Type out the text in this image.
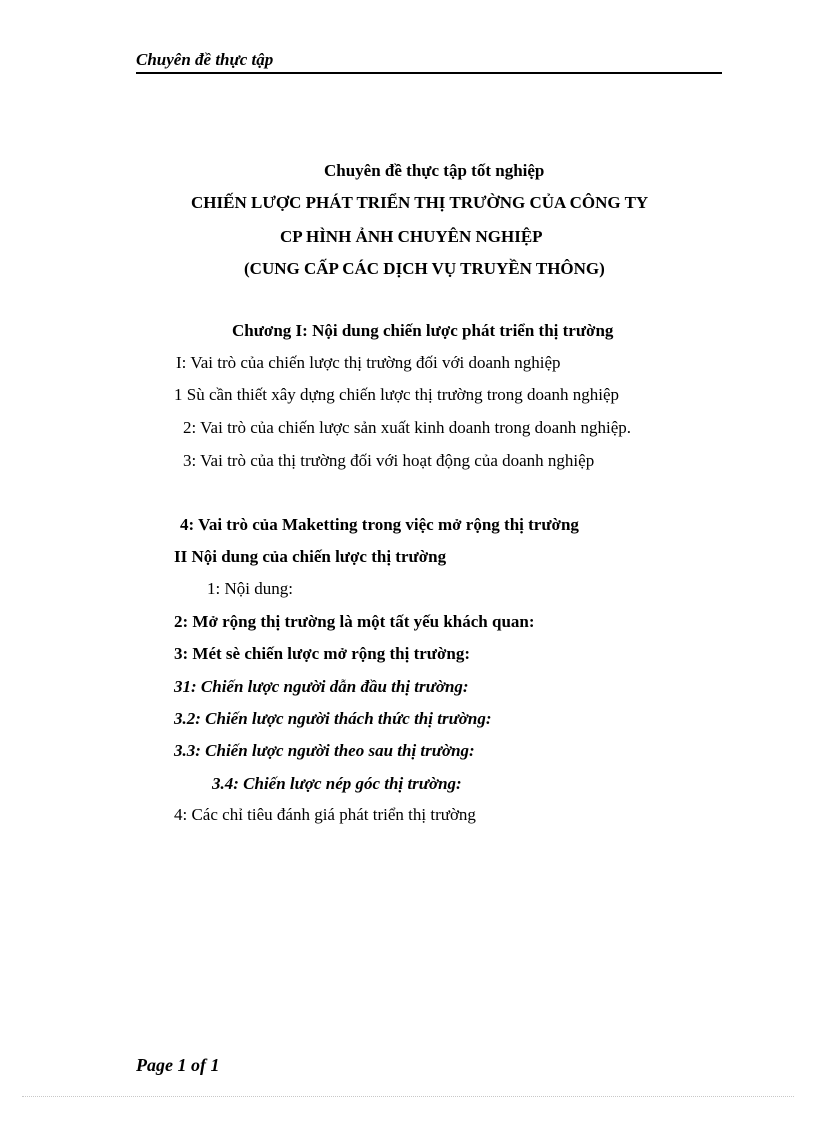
Chuyên đề thực tập
Chuyên đề thực tập tốt nghiệp
CHIẾN LƯỢC PHÁT TRIỂN THỊ TRƯỜNG CỦA CÔNG TY
CP HÌNH ẢNH CHUYÊN NGHIỆP
(CUNG CẤP CÁC DỊCH VỤ TRUYỀN THÔNG)
Chương I: Nội dung chiến lược phát triển thị trường
I: Vai trò của chiến lược thị trường đối với doanh nghiệp
1 Sù cần thiết xây dựng chiến lược thị trường trong doanh nghiệp
2: Vai trò của chiến lược sản xuất kinh doanh trong doanh nghiệp.
3: Vai trò của thị trường đối với hoạt động của doanh nghiệp
4: Vai trò của Maketting trong việc mở rộng thị trường
II Nội dung của chiến lược thị trường
1: Nội dung:
2: Mở rộng thị trường là một tất yếu khách quan:
3: Mét sè chiến lược mở rộng thị trường:
31: Chiến lược người dẫn đầu thị trường:
3.2: Chiến lược người thách thức thị trường:
3.3: Chiến lược người theo sau thị trường:
3.4: Chiến lược nép góc thị trường:
4: Các chỉ tiêu đánh giá phát triển thị trường
Page 1 of 1
